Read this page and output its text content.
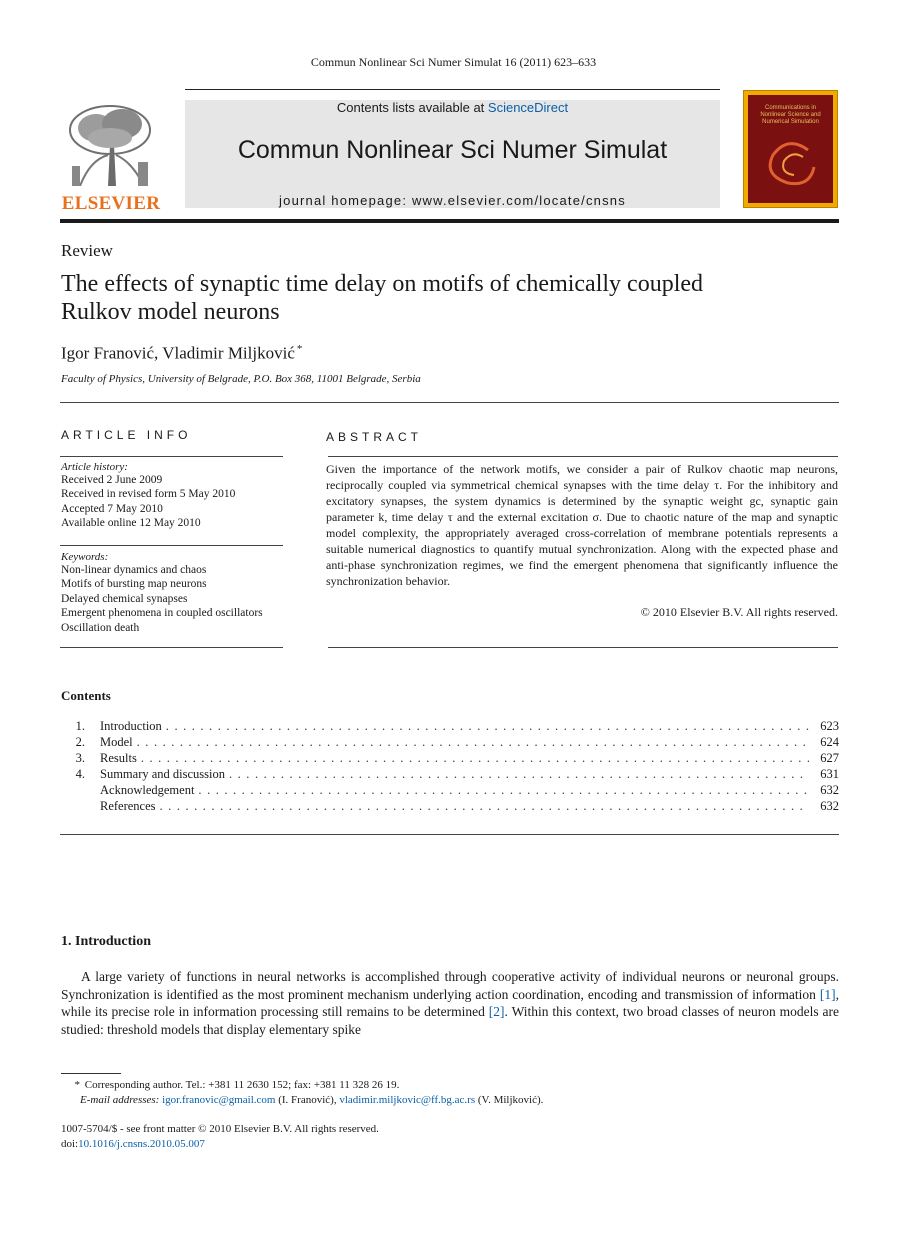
Commun Nonlinear Sci Numer Simulat 16 (2011) 623–633
ELSEVIER
Contents lists available at ScienceDirect
Commun Nonlinear Sci Numer Simulat
journal homepage: www.elsevier.com/locate/cnsns
Communications in Nonlinear Science and Numerical Simulation
Review
The effects of synaptic time delay on motifs of chemically coupled
Rulkov model neurons
Igor Franović, Vladimir Miljković *
Faculty of Physics, University of Belgrade, P.O. Box 368, 11001 Belgrade, Serbia
ARTICLE INFO
Article history:
Received 2 June 2009
Received in revised form 5 May 2010
Accepted 7 May 2010
Available online 12 May 2010
Keywords:
Non-linear dynamics and chaos
Motifs of bursting map neurons
Delayed chemical synapses
Emergent phenomena in coupled oscillators
Oscillation death
ABSTRACT
Given the importance of the network motifs, we consider a pair of Rulkov chaotic map neurons, reciprocally coupled via symmetrical chemical synapses with the time delay τ. For the inhibitory and excitatory synapses, the system dynamics is determined by the synaptic weight gc, synaptic gain parameter k, time delay τ and the external excitation σ. Due to chaotic nature of the map and synaptic model complexity, the appropriately averaged cross-correlation of membrane potentials represents a suitable numerical diagnostics to quantify mutual synchronization. Along with the expected phase and anti-phase synchronization regimes, we find the emergent phenomena that significantly influence the synchronization behavior.
© 2010 Elsevier B.V. All rights reserved.
Contents
1. Introduction . . .	623
2. Model . . .	624
3. Results . . .	627
4. Summary and discussion . . .	631
Acknowledgement . . .	632
References . . .	632
1. Introduction
A large variety of functions in neural networks is accomplished through cooperative activity of individual neurons or neuronal groups. Synchronization is identified as the most prominent mechanism underlying action coordination, encoding and transmission of information [1], while its precise role in information processing still remains to be determined [2]. Within this context, two broad classes of neuron models are studied: threshold models that display elementary spike
* Corresponding author. Tel.: +381 11 2630 152; fax: +381 11 328 26 19.
E-mail addresses: igor.franovic@gmail.com (I. Franović), vladimir.miljkovic@ff.bg.ac.rs (V. Miljković).
1007-5704/$ - see front matter © 2010 Elsevier B.V. All rights reserved.
doi:10.1016/j.cnsns.2010.05.007
